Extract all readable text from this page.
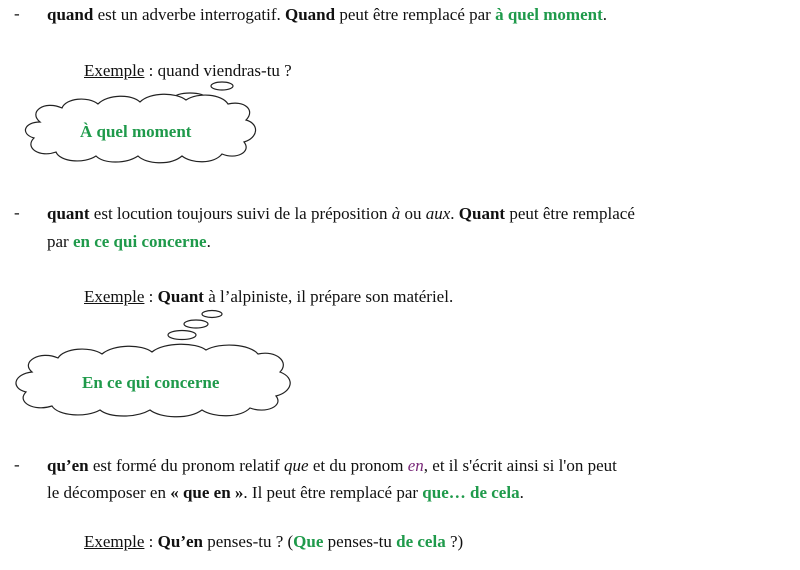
- quand est un adverbe interrogatif. Quand peut être remplacé par à quel moment.
Exemple : quand viendras-tu ?
À quel moment
- quant est locution toujours suivi de la préposition à ou aux. Quant peut être remplacé
par en ce qui concerne.
Exemple : Quant à l’alpiniste, il prépare son matériel.
En ce qui concerne
- qu’en est formé du pronom relatif que et du pronom en, et il s'écrit ainsi si l'on peut
le décomposer en « que en ». Il peut être remplacé par que… de cela.
Exemple : Qu’en penses-tu ? (Que penses-tu de cela ?)
